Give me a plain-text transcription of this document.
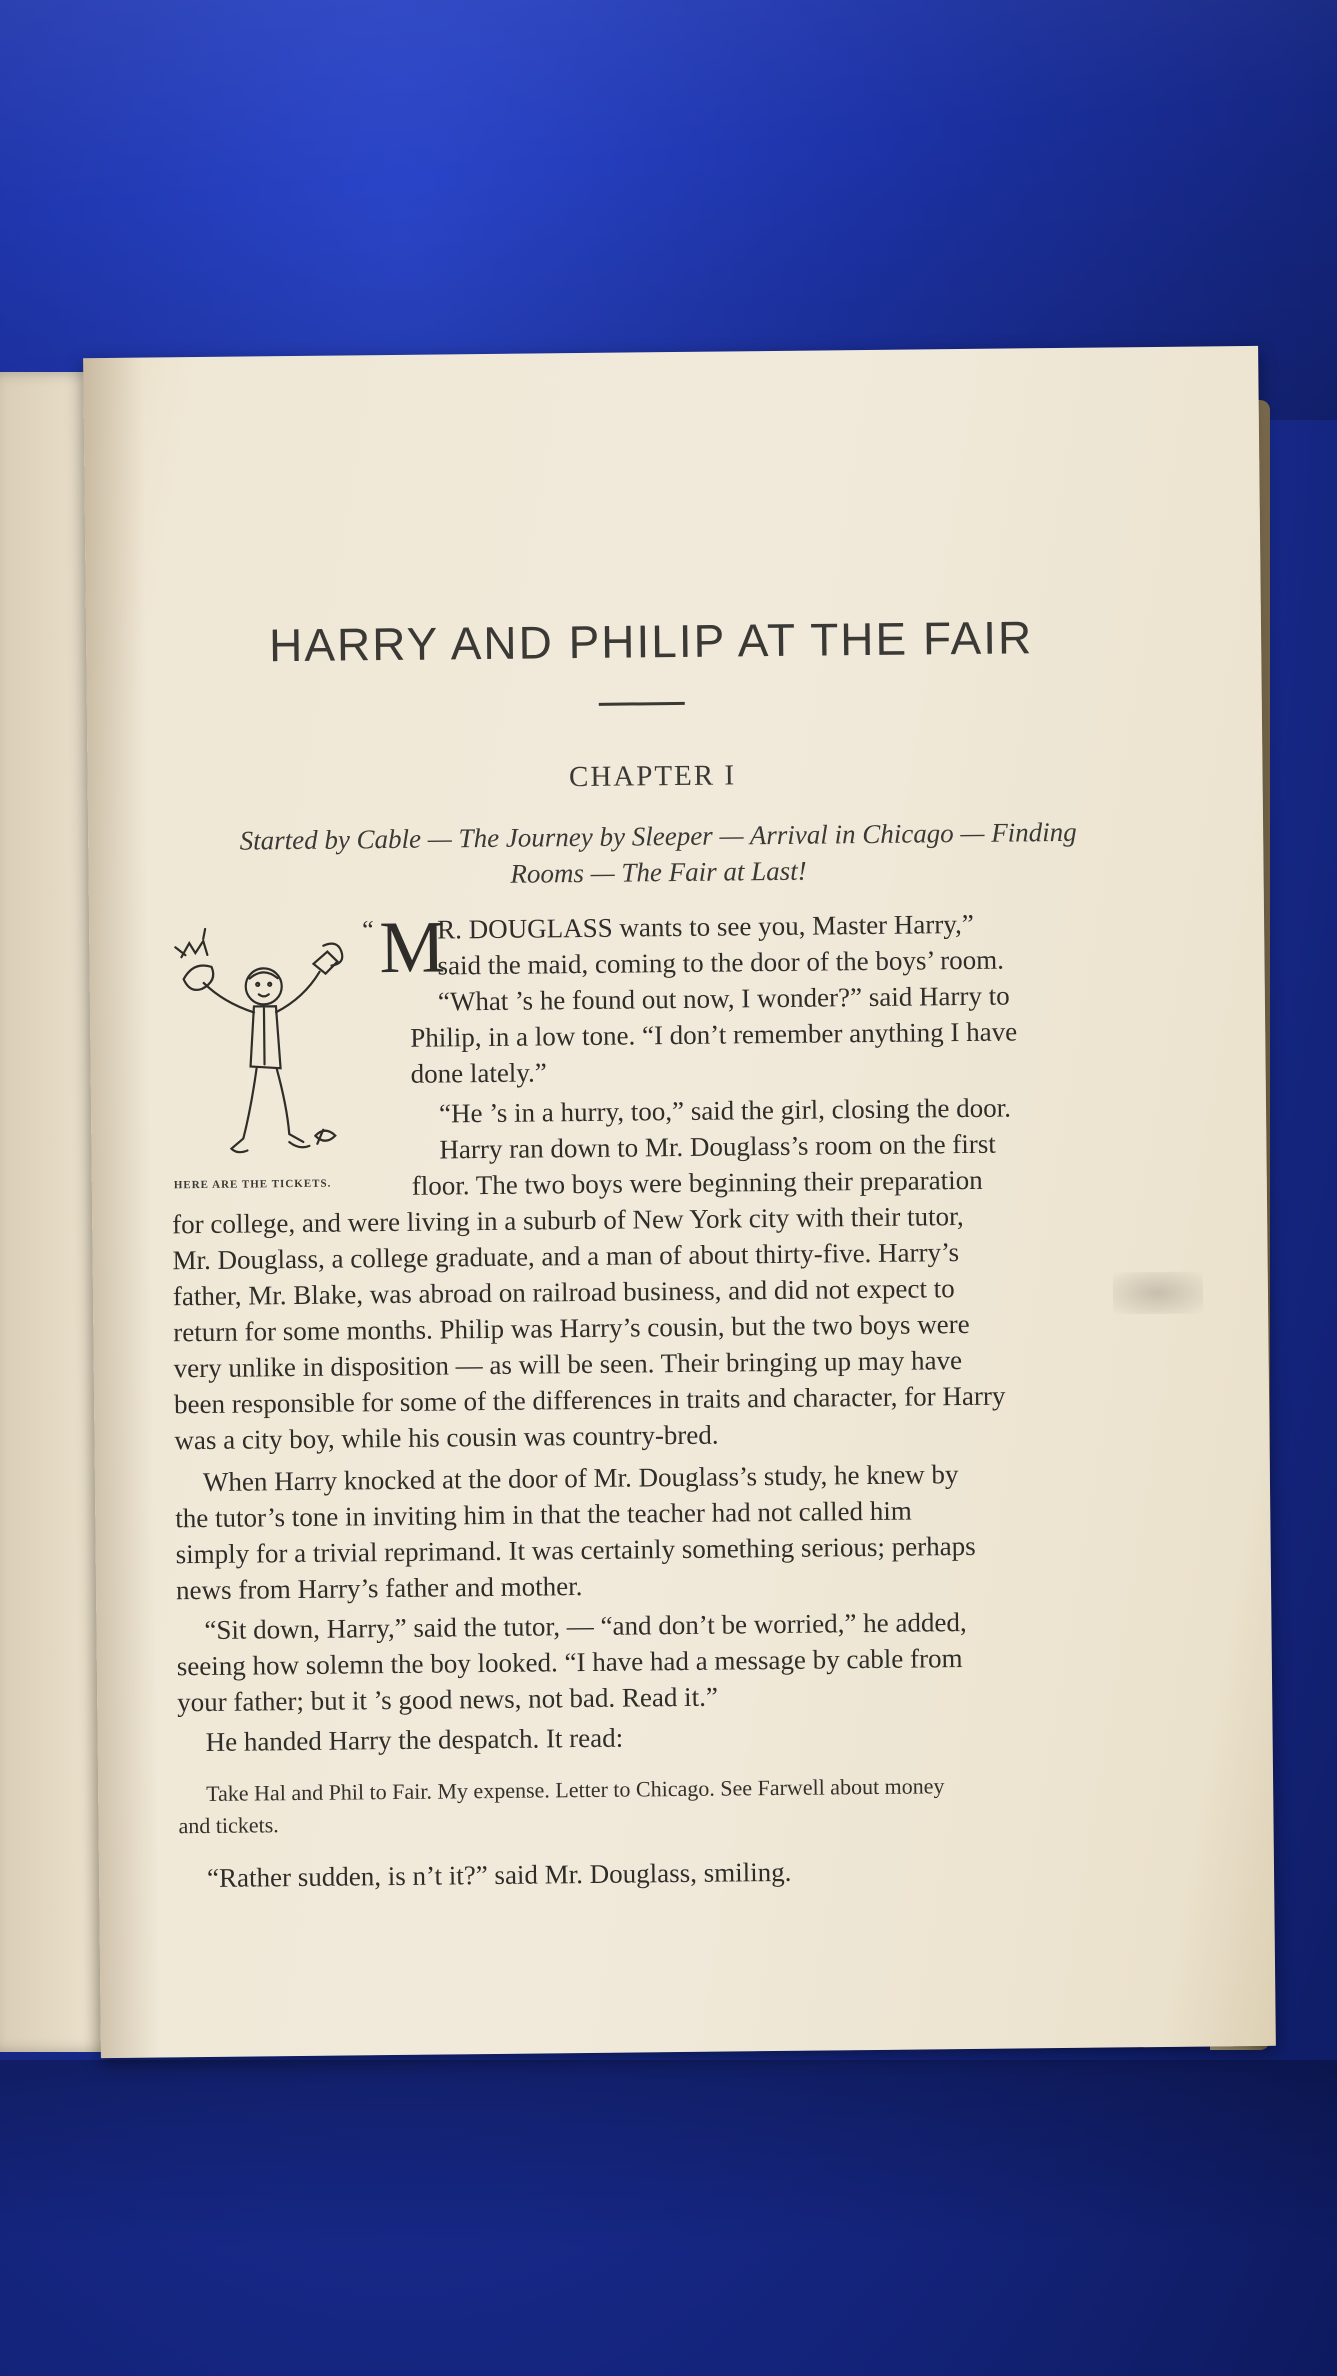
HARRY AND PHILIP AT THE FAIR
CHAPTER I
Started by Cable — The Journey by Sleeper — Arrival in Chicago — Finding
Rooms — The Fair at Last!
HERE ARE THE TICKETS.
“ M
R. DOUGLASS wants to see you, Master Harry,”
said the maid, coming to the door of the boys’ room.
“What ’s he found out now, I wonder?” said Harry to
Philip, in a low tone. “I don’t remember anything I have
done lately.”
“He ’s in a hurry, too,” said the girl, closing the door.
Harry ran down to Mr. Douglass’s room on the first
floor. The two boys were beginning their preparation
for college, and were living in a suburb of New York city with their tutor,
Mr. Douglass, a college graduate, and a man of about thirty-five. Harry’s
father, Mr. Blake, was abroad on railroad business, and did not expect to
return for some months. Philip was Harry’s cousin, but the two boys were
very unlike in disposition — as will be seen. Their bringing up may have
been responsible for some of the differences in traits and character, for Harry
was a city boy, while his cousin was country-bred.
When Harry knocked at the door of Mr. Douglass’s study, he knew by
the tutor’s tone in inviting him in that the teacher had not called him
simply for a trivial reprimand. It was certainly something serious; perhaps
news from Harry’s father and mother.
“Sit down, Harry,” said the tutor, — “and don’t be worried,” he added,
seeing how solemn the boy looked. “I have had a message by cable from
your father; but it ’s good news, not bad. Read it.”
He handed Harry the despatch. It read:
Take Hal and Phil to Fair. My expense. Letter to Chicago. See Farwell about money
and tickets.
“Rather sudden, is n’t it?” said Mr. Douglass, smiling.
